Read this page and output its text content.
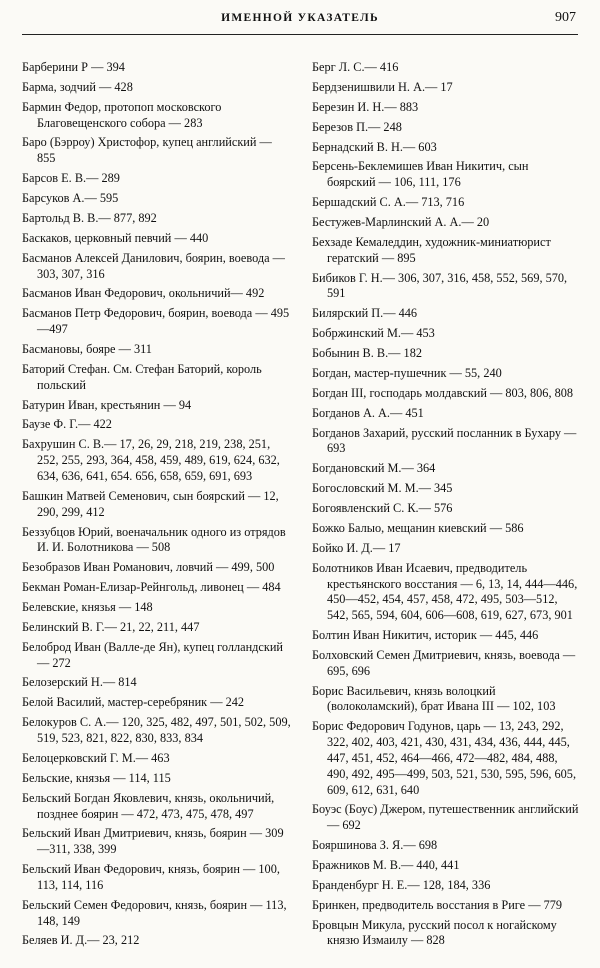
ИМЕННОЙ УКАЗАТЕЛЬ	907

Барберини Р — 394

Барма, зодчий — 428

Бармин Федор, протопоп московского Благовещенского собора — 283

Баро (Бэрроу) Христофор, купец английский — 855

Барсов Е. В.— 289

Барсуков А.— 595

Бартольд В. В.— 877, 892

Баскаков, церковный певчий — 440

Басманов Алексей Данилович, боярин, воевода — 303, 307, 316

Басманов Иван Федорович, окольничий— 492

Басманов Петр Федорович, боярин, воевода — 495—497

Басмановы, бояре — 311

Баторий Стефан. См. Стефан Баторий, король польский

Батурин Иван, крестьянин — 94

Баузе Ф. Г.— 422

Бахрушин С. В.— 17, 26, 29, 218, 219, 238, 251, 252, 255, 293, 364, 458, 459, 489, 619, 624, 632, 634, 636, 641, 654. 656, 658, 659, 691, 693

Башкин Матвей Семенович, сын боярский — 12, 290, 299, 412

Беззубцов Юрий, военачальник одного из отрядов И. И. Болотникова — 508

Безобразов Иван Романович, ловчий — 499, 500

Бекман Роман-Елизар-Рейнгольд, ливонец — 484

Белевские, князья — 148

Белинский В. Г.— 21, 22, 211, 447

Белоброд Иван (Валле-де Ян), купец голландский — 272

Белозерский Н.— 814

Белой Василий, мастер-серебряник — 242

Белокуров С. А.— 120, 325, 482, 497, 501, 502, 509, 519, 523, 821, 822, 830, 833, 834

Белоцерковский Г. М.— 463

Бельские, князья — 114, 115

Бельский Богдан Яковлевич, князь, окольничий, позднее боярин — 472, 473, 475, 478, 497

Бельский Иван Дмитриевич, князь, боярин — 309—311, 338, 399

Бельский Иван Федорович, князь, боярин — 100, 113, 114, 116

Бельский Семен Федорович, князь, боярин — 113, 148, 149

Беляев И. Д.— 23, 212

Берг Л. С.— 416

Бердзенишвили Н. А.— 17

Березин И. Н.— 883

Березов П.— 248

Бернадский В. Н.— 603

Берсень-Беклемишев Иван Никитич, сын боярский — 106, 111, 176

Бершадский С. А.— 713, 716

Бестужев-Марлинский А. А.— 20

Бехзаде Кемаледдин, художник-миниатюрист гератский — 895

Бибиков Г. Н.— 306, 307, 316, 458, 552, 569, 570, 591

Билярский П.— 446

Бобржинский М.— 453

Бобынин В. В.— 182

Богдан, мастер-пушечник — 55, 240

Богдан III, господарь молдавский — 803, 806, 808

Богданов А. А.— 451

Богданов Захарий, русский посланник в Бухару — 693

Богдановский М.— 364

Богословский М. М.— 345

Богоявленский С. К.— 576

Божко Балыо, мещанин киевский — 586

Бойко И. Д.— 17

Болотников Иван Исаевич, предводитель крестьянского восстания — 6, 13, 14, 444—446, 450—452, 454, 457, 458, 472, 495, 503—512, 542, 565, 594, 604, 606—608, 619, 627, 673, 901

Болтин Иван Никитич, историк — 445, 446

Болховский Семен Дмитриевич, князь, воевода — 695, 696

Борис Васильевич, князь волоцкий (волоколамский), брат Ивана III — 102, 103

Борис Федорович Годунов, царь — 13, 243, 292, 322, 402, 403, 421, 430, 431, 434, 436, 444, 445, 447, 451, 452, 464—466, 472—482, 484, 488, 490, 492, 495—499, 503, 521, 530, 595, 596, 605, 609, 612, 631, 640

Боуэс (Боус) Джером, путешественник английский — 692

Бояршинова З. Я.— 698

Бражников М. В.— 440, 441

Бранденбург Н. Е.— 128, 184, 336

Бринкен, предводитель восстания в Риге — 779

Бровцын Микула, русский посол к ногайскому князю Измаилу — 828
